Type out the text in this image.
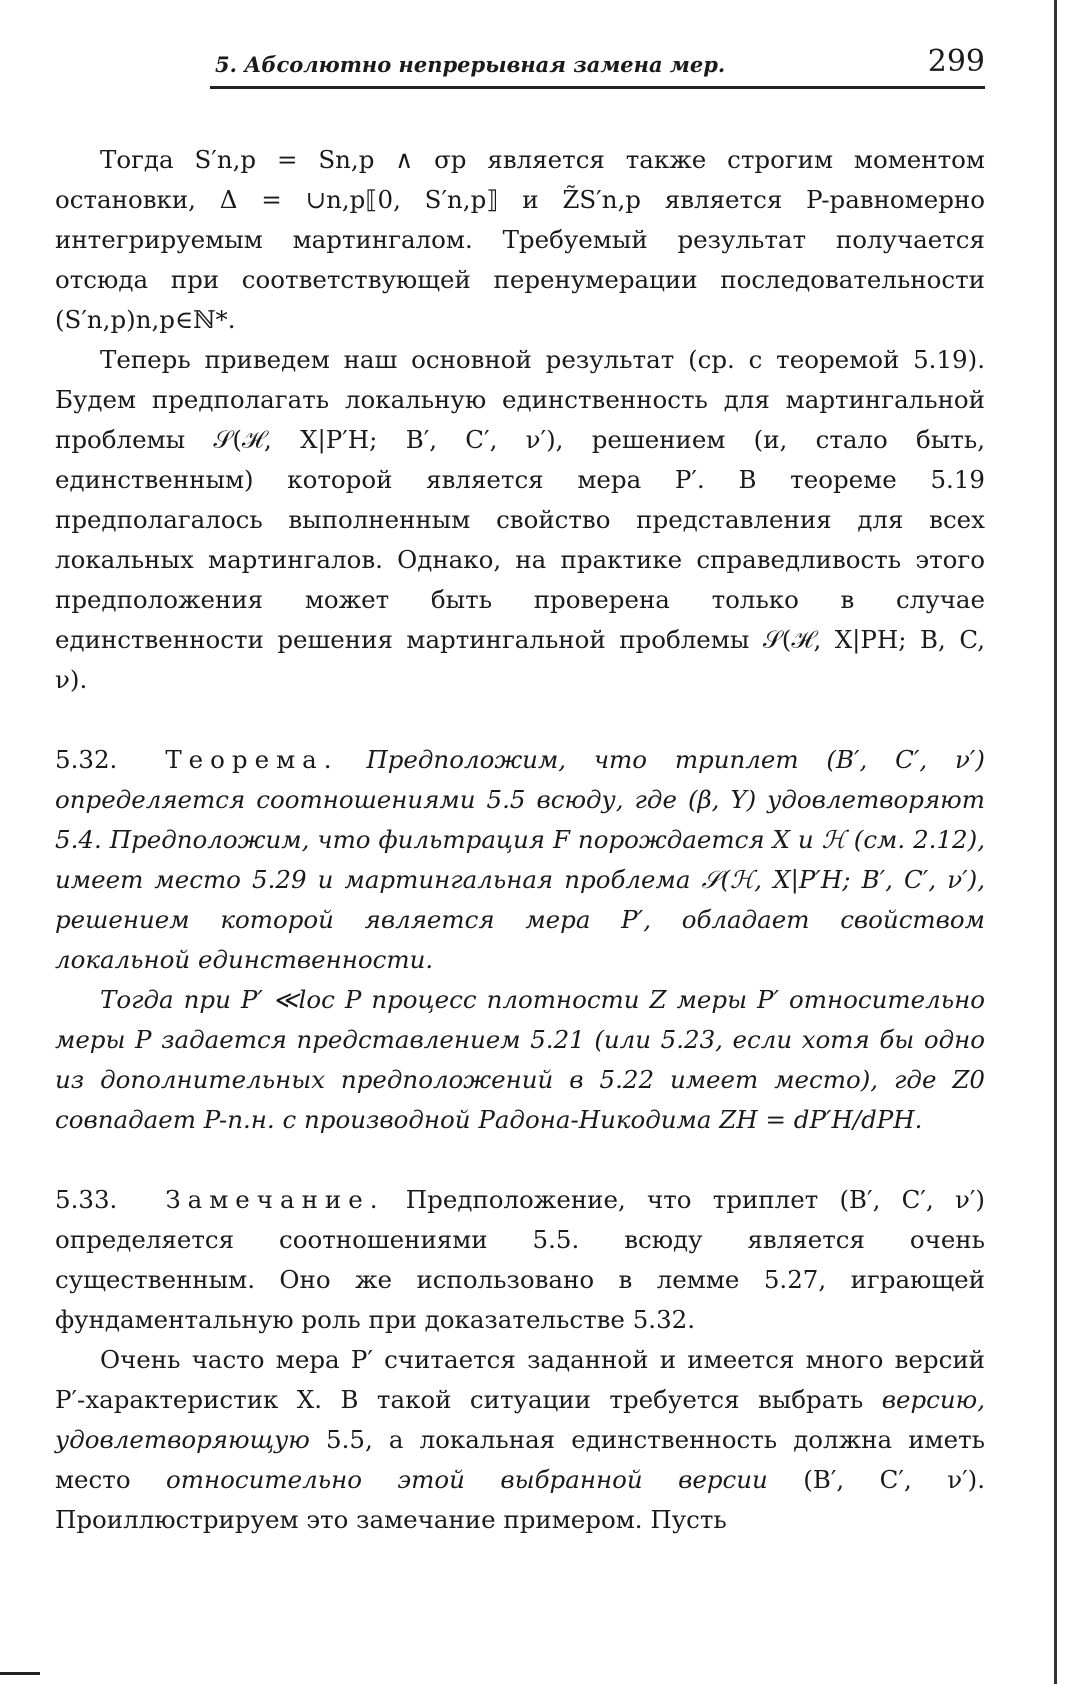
5. Абсолютно непрерывная замена мер.	299

Тогда S′n,p = Sn,p ∧ σp является также строгим моментом остановки, Δ = ∪n,p⟦0, S′n,p⟧ и Z̃S′n,p является P-равномерно интегрируемым мартингалом. Требуемый результат получается отсюда при соответствующей перенумерации последовательности (S′n,p)n,p∈ℕ*.

Теперь приведем наш основной результат (ср. с теоремой 5.19). Будем предполагать локальную единственность для мартингальной проблемы 𝒮(ℋ, X|P′H; B′, C′, ν′), решением (и, стало быть, единственным) которой является мера P′. В теореме 5.19 предполагалось выполненным свойство представления для всех локальных мартингалов. Однако, на практике справедливость этого предположения может быть проверена только в случае единственности решения мартингальной проблемы 𝒮(ℋ, X|PH; B, C, ν).

5.32. Теорема. Предположим, что триплет (B′, C′, ν′) определяется соотношениями 5.5 всюду, где (β, Y) удовлетворяют 5.4. Предположим, что фильтрация F порождается X и ℋ (см. 2.12), имеет место 5.29 и мартингальная проблема 𝒮(ℋ, X|P′H; B′, C′, ν′), решением которой является мера P′, обладает свойством локальной единственности.

Тогда при P′ ≪loc P процесс плотности Z меры P′ относительно меры P задается представлением 5.21 (или 5.23, если хотя бы одно из дополнительных предположений в 5.22 имеет место), где Z0 совпадает P-п.н. с производной Радона-Никодима ZH = dP′H/dPH.

5.33. Замечание. Предположение, что триплет (B′, C′, ν′) определяется соотношениями 5.5. всюду является очень существенным. Оно же использовано в лемме 5.27, играющей фундаментальную роль при доказательстве 5.32.

Очень часто мера P′ считается заданной и имеется много версий P′-характеристик X. В такой ситуации требуется выбрать версию, удовлетворяющую 5.5, а локальная единственность должна иметь место относительно этой выбранной версии (B′, C′, ν′). Проиллюстрируем это замечание примером. Пусть
